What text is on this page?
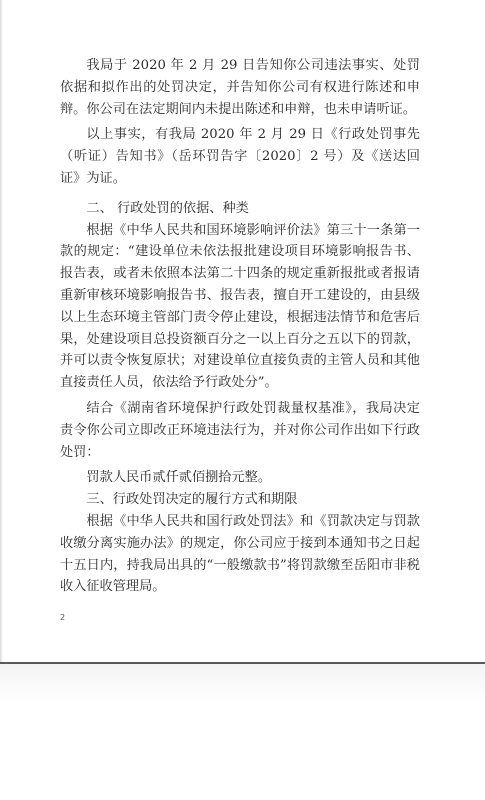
我局于 2020 年 2 月 29 日告知你公司违法事实、处罚依据和拟作出的处罚决定，并告知你公司有权进行陈述和申辩。你公司在法定期间内未提出陈述和申辩，也未申请听证。

以上事实，有我局 2020 年 2 月 29 日《行政处罚事先（听证）告知书》（岳环罚告字〔2020〕2 号）及《送达回证》为证。

二、 行政处罚的依据、种类

根据《中华人民共和国环境影响评价法》第三十一条第一款的规定：“建设单位未依法报批建设项目环境影响报告书、报告表，或者未依照本法第二十四条的规定重新报批或者报请重新审核环境影响报告书、报告表，擅自开工建设的，由县级以上生态环境主管部门责令停止建设，根据违法情节和危害后果，处建设项目总投资额百分之一以上百分之五以下的罚款，并可以责令恢复原状；对建设单位直接负责的主管人员和其他直接责任人员，依法给予行政处分”。

结合《湖南省环境保护行政处罚裁量权基准》，我局决定责令你公司立即改正环境违法行为，并对你公司作出如下行政处罚：

罚款人民币贰仟贰佰捌拾元整。

三、行政处罚决定的履行方式和期限

根据《中华人民共和国行政处罚法》和《罚款决定与罚款收缴分离实施办法》的规定，你公司应于接到本通知书之日起十五日内，持我局出具的“一般缴款书”将罚款缴至岳阳市非税收入征收管理局。

2
